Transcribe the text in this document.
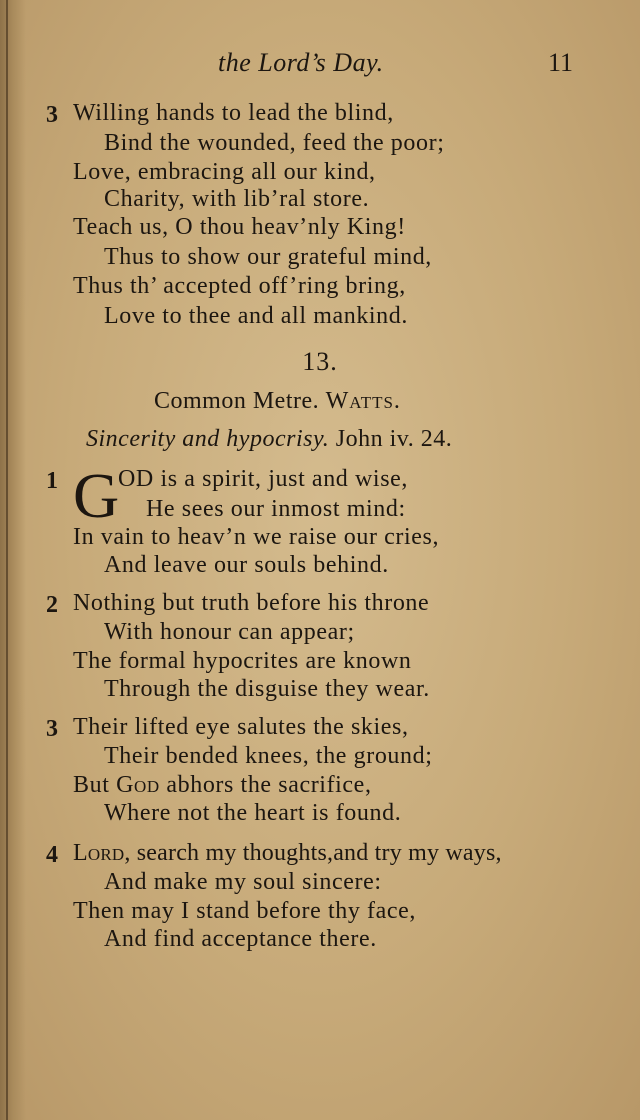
the Lord’s Day.	11
3 Willing hands to lead the blind,
Bind the wounded, feed the poor;
Love, embracing all our kind,
Charity, with lib’ral store.
Teach us, O thou heav’nly King!
Thus to show our grateful mind,
Thus th’ accepted off’ring bring,
Love to thee and all mankind.
13.
Common Metre. Watts.
Sincerity and hypocrisy. John iv. 24.
1 G
OD is a spirit, just and wise,
He sees our inmost mind:
In vain to heav’n we raise our cries,
And leave our souls behind.
2 Nothing but truth before his throne
With honour can appear;
The formal hypocrites are known
Through the disguise they wear.
3 Their lifted eye salutes the skies,
Their bended knees, the ground;
But God abhors the sacrifice,
Where not the heart is found.
4 Lord, search my thoughts,and try my ways,
And make my soul sincere:
Then may I stand before thy face,
And find acceptance there.
